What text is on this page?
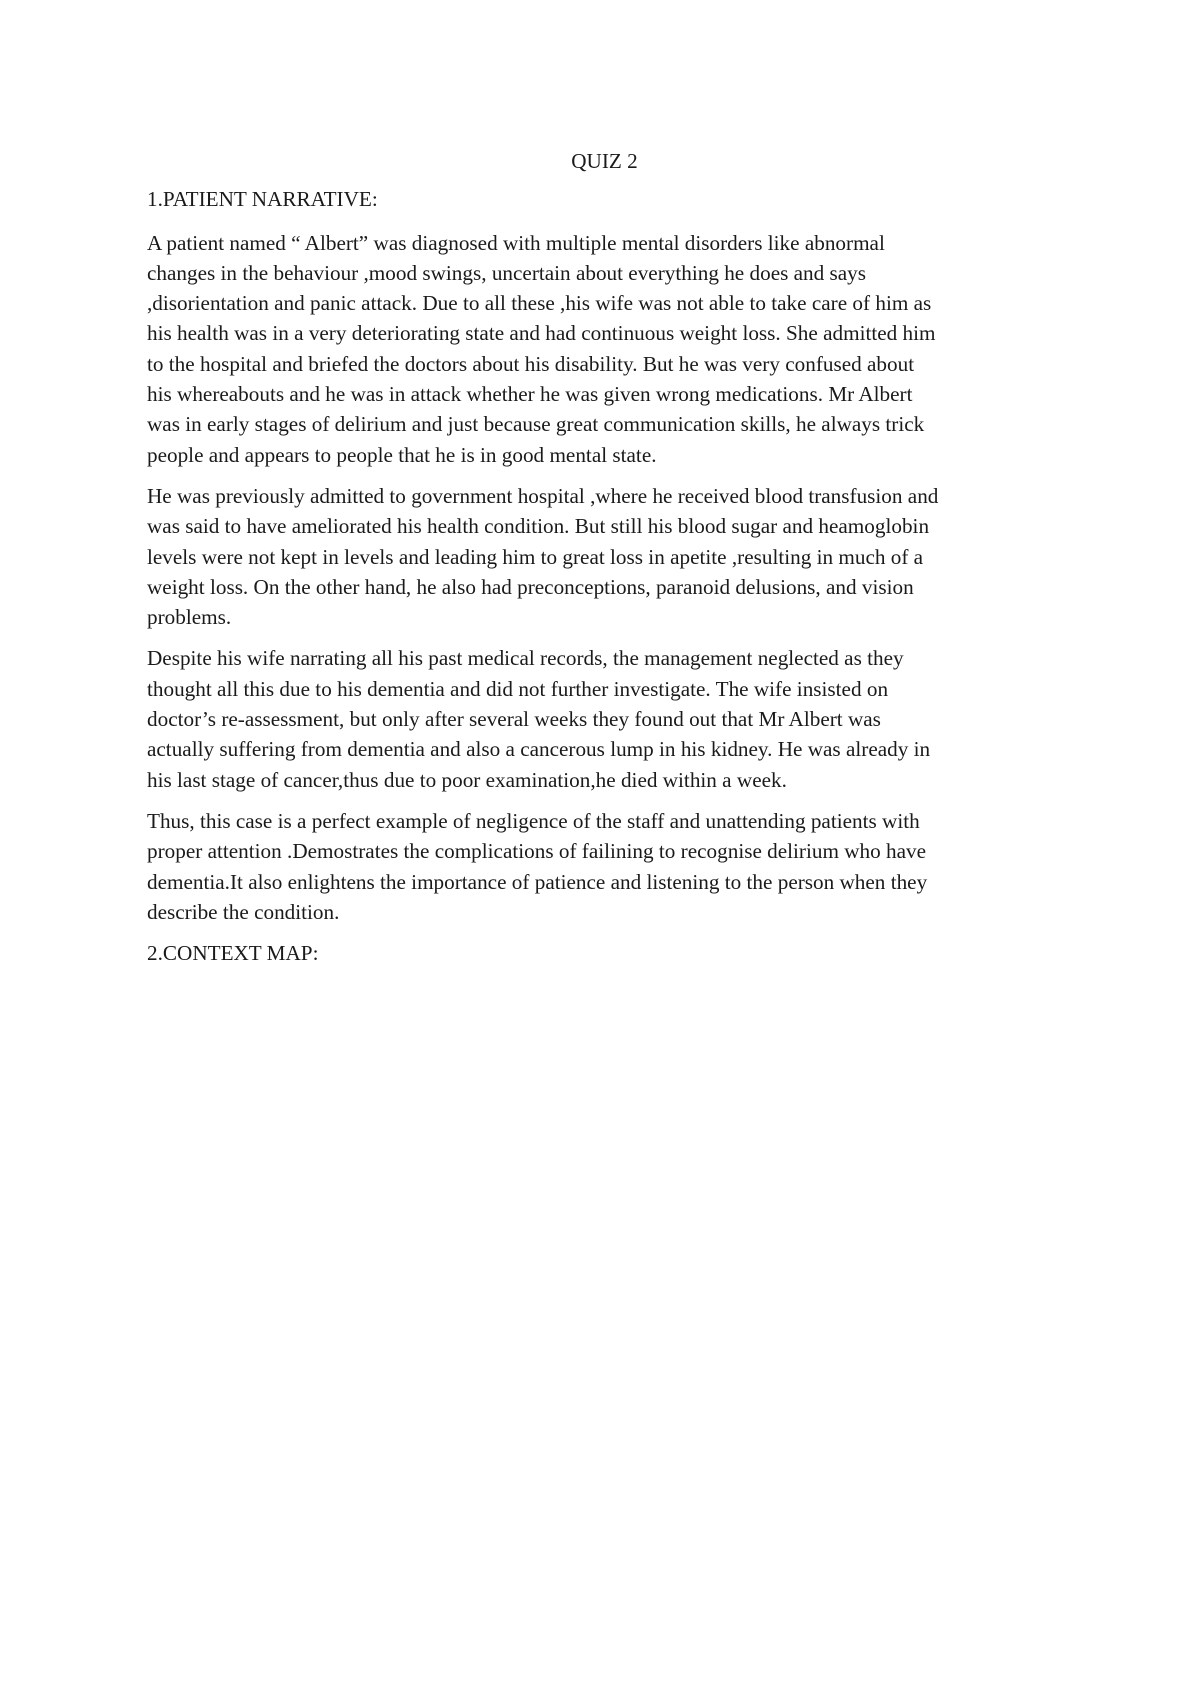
QUIZ 2
1.PATIENT NARRATIVE:
A patient named “ Albert” was diagnosed with multiple mental disorders like abnormal
changes in the behaviour ,mood swings, uncertain about everything he does and says
,disorientation and panic attack. Due to all these ,his wife was not able to take care of him as
his health was in a very deteriorating state and had continuous weight loss. She admitted him
to the hospital and briefed the doctors about his disability. But he was very confused about
his whereabouts and he was in attack whether he was given wrong medications. Mr Albert
was in early stages of delirium and just because great communication skills, he always trick
people and appears to people that he is in good mental state.
He was previously admitted to government hospital ,where he received blood transfusion and
was said to have ameliorated his health condition. But still his blood sugar and heamoglobin
levels were not kept in levels and leading him to great loss in apetite ,resulting in much of a
weight loss. On the other hand, he also had preconceptions, paranoid delusions, and vision
problems.
Despite his wife narrating all his past medical records, the management neglected as they
thought all this due to his dementia and did not further investigate. The wife insisted on
doctor’s re-assessment, but only after several weeks they found out that Mr Albert was
actually suffering from dementia and also a cancerous lump in his kidney. He was already in
his last stage of cancer,thus due to poor examination,he died within a week.
Thus, this case is a perfect example of negligence of the staff and unattending patients with
proper attention .Demostrates the complications of failining to recognise delirium who have
dementia.It also enlightens the importance of patience and listening to the person when they
describe the condition.
2.CONTEXT MAP:
